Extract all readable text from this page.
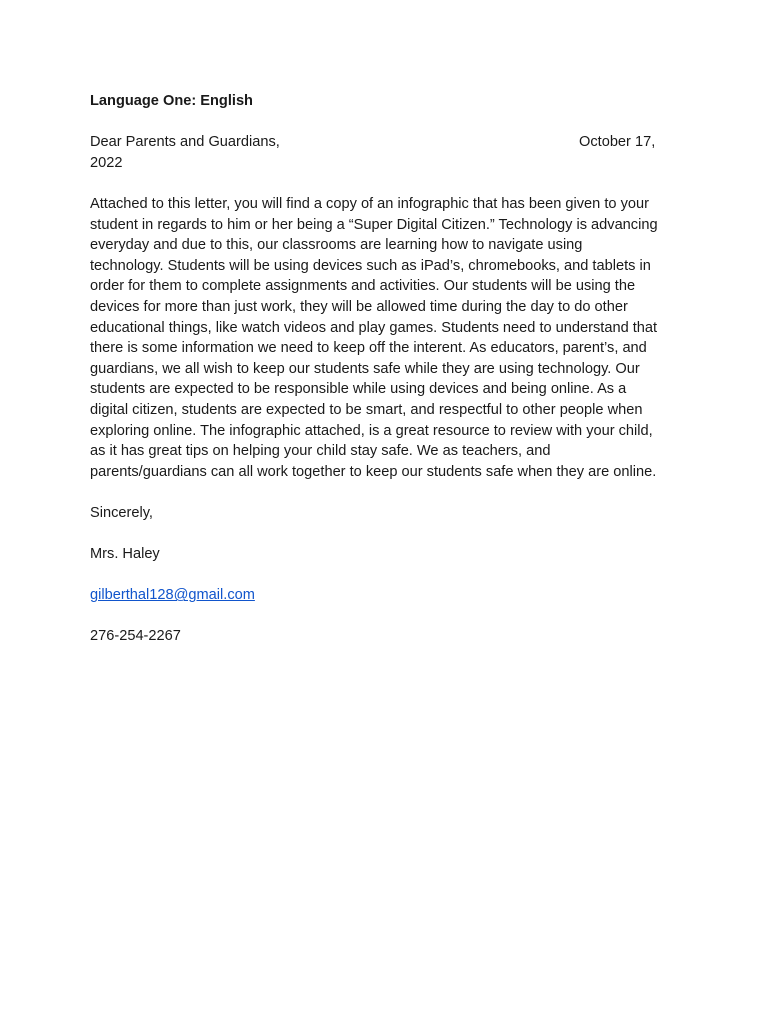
Language One: English
Dear Parents and Guardians,	October 17,
2022
Attached to this letter, you will find a copy of an infographic that has been given to your
student in regards to him or her being a “Super Digital Citizen.” Technology is advancing
everyday and due to this, our classrooms are learning how to navigate using
technology. Students will be using devices such as iPad’s, chromebooks, and tablets in
order for them to complete assignments and activities. Our students will be using the
devices for more than just work, they will be allowed time during the day to do other
educational things, like watch videos and play games. Students need to understand that
there is some information we need to keep off the interent. As educators, parent’s, and
guardians, we all wish to keep our students safe while they are using technology. Our
students are expected to be responsible while using devices and being online. As a
digital citizen, students are expected to be smart, and respectful to other people when
exploring online. The infographic attached, is a great resource to review with your child,
as it has great tips on helping your child stay safe. We as teachers, and
parents/guardians can all work together to keep our students safe when they are online.
Sincerely,
Mrs. Haley
gilberthal128@gmail.com
276-254-2267
